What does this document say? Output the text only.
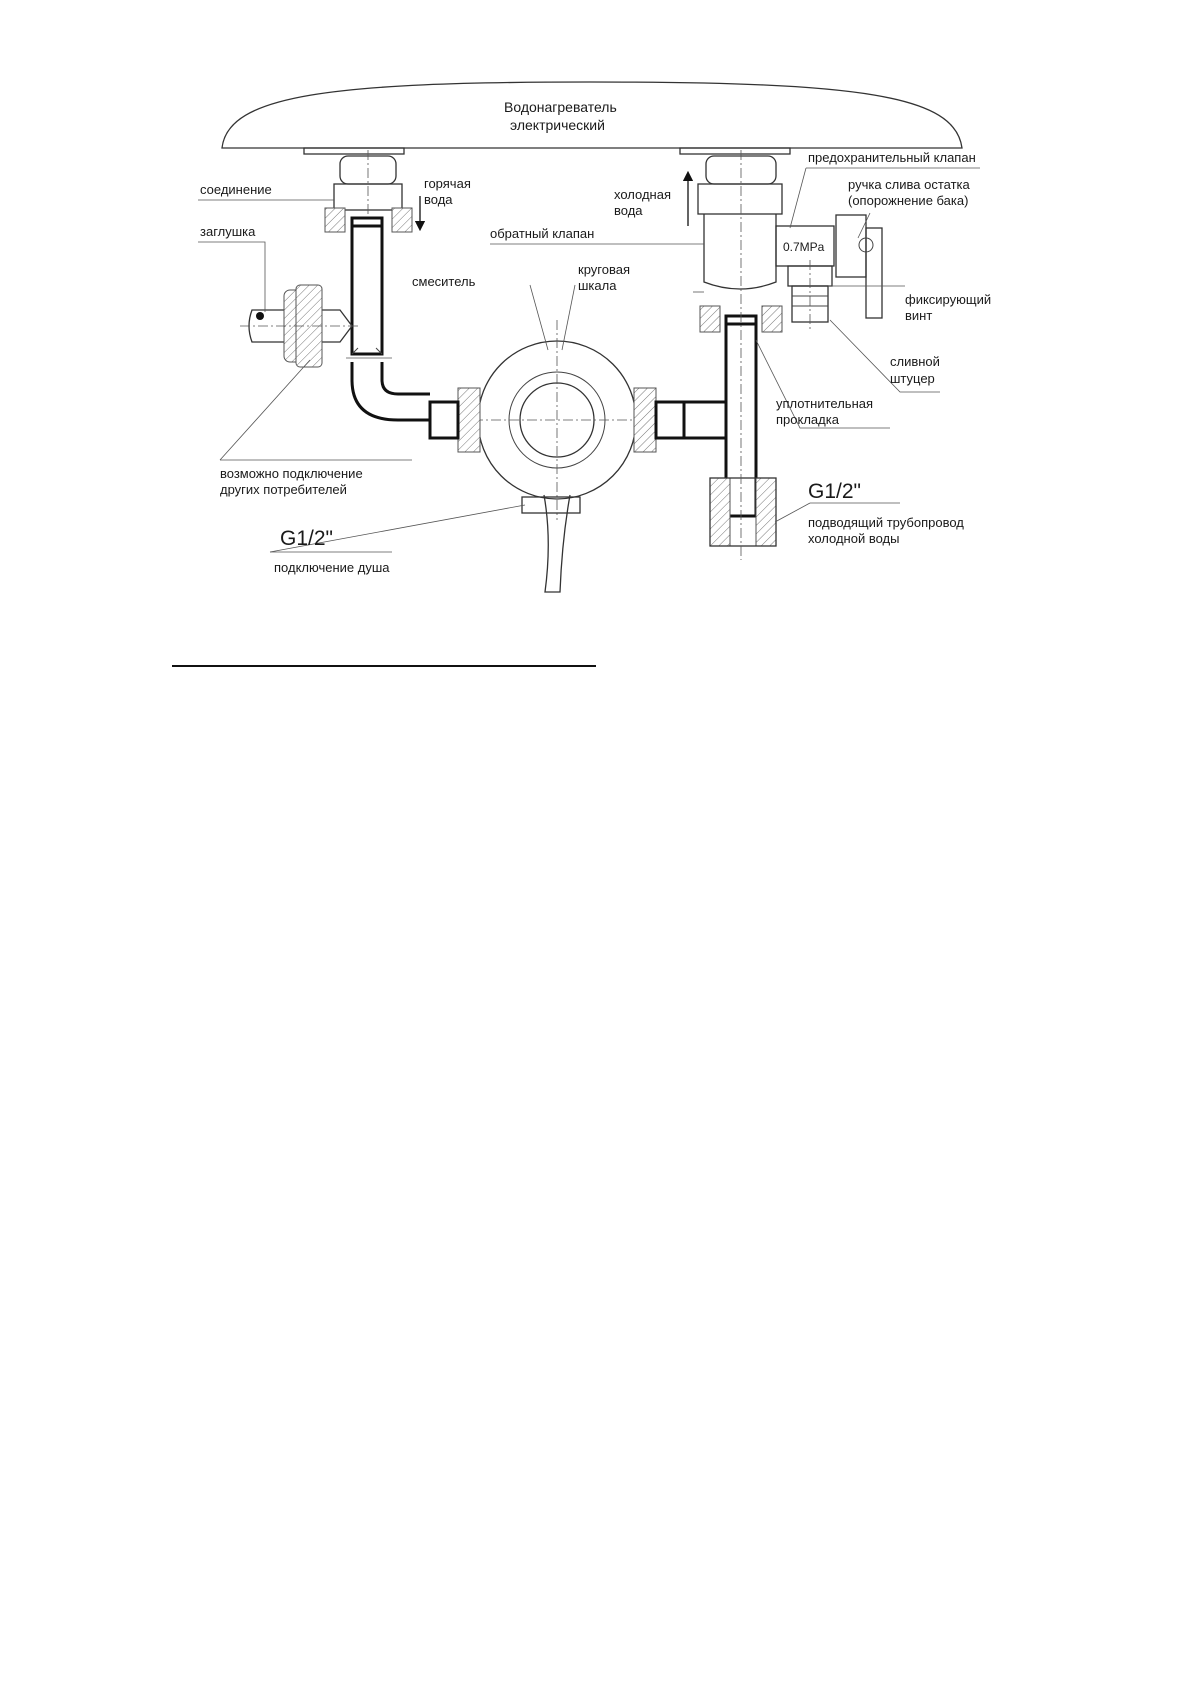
Водонагреватель
электрический
соединение	горячая
вода
заглушка
холодная
вода
предохранительный клапан
ручка слива остатка
(опорожнение бака)
обратный клапан
0.7MPa
смеситель
круговая
шкала
фиксирующий
винт
сливной
штуцер
уплотнительная
прокладка
возможно подключение
других потребителей
G1/2"
подключение душа
G1/2"
подводящий трубопровод
холодной воды
